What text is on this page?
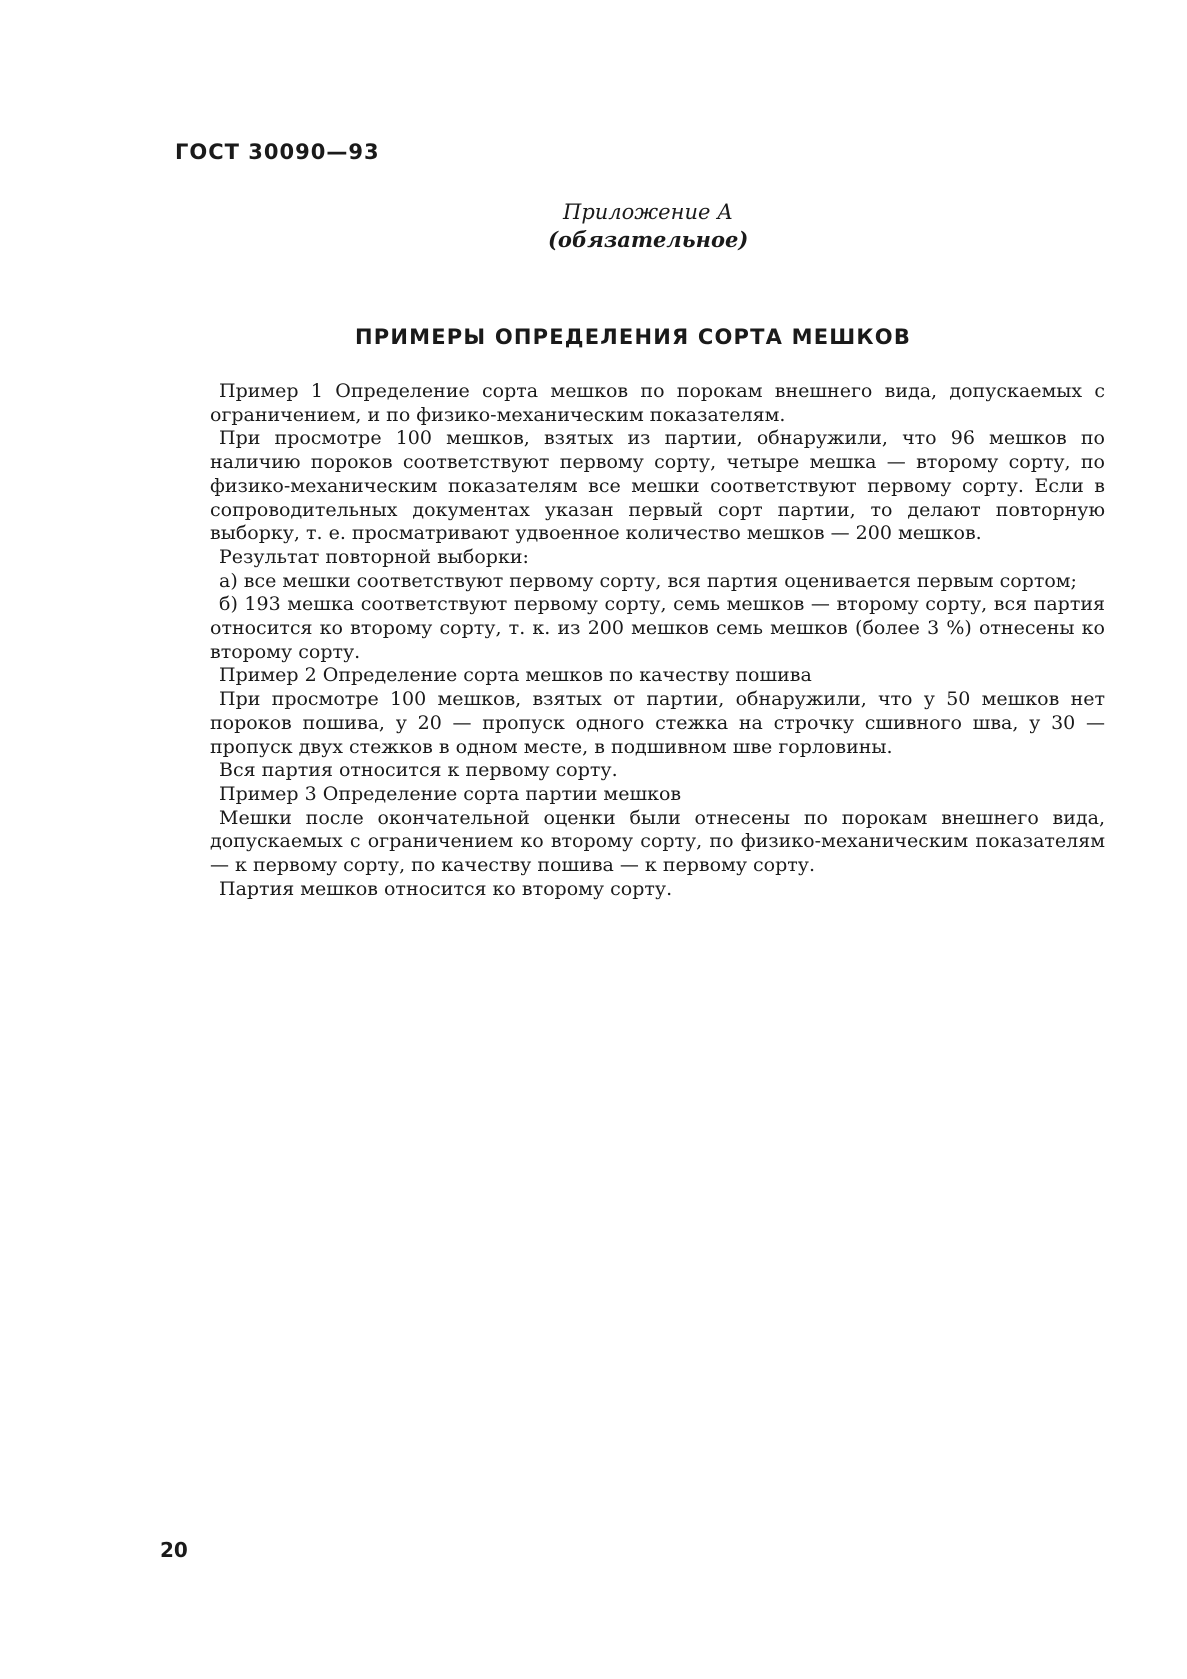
ГОСТ 30090—93
Приложение А
(обязательное)
ПРИМЕРЫ ОПРЕДЕЛЕНИЯ СОРТА МЕШКОВ

Пример 1 Определение сорта мешков по порокам внешнего вида, допускаемых с ограничением, и по физико-механическим показателям.

При просмотре 100 мешков, взятых из партии, обнаружили, что 96 мешков по наличию пороков соответствуют первому сорту, четыре мешка — второму сорту, по физико-механическим показателям все мешки соответствуют первому сорту. Если в сопроводительных документах указан первый сорт партии, то делают повторную выборку, т. е. просматривают удвоенное количество мешков — 200 мешков.

Результат повторной выборки:

а) все мешки соответствуют первому сорту, вся партия оценивается первым сортом;

б) 193 мешка соответствуют первому сорту, семь мешков — второму сорту, вся партия относится ко второму сорту, т. к. из 200 мешков семь мешков (более 3 %) отнесены ко второму сорту.

Пример 2 Определение сорта мешков по качеству пошива

При просмотре 100 мешков, взятых от партии, обнаружили, что у 50 мешков нет пороков пошива, у 20 — пропуск одного стежка на строчку сшивного шва, у 30 — пропуск двух стежков в одном месте, в подшивном шве горловины.

Вся партия относится к первому сорту.

Пример 3 Определение сорта партии мешков

Мешки после окончательной оценки были отнесены по порокам внешнего вида, допускаемых с ограничением ко второму сорту, по физико-механическим показателям — к первому сорту, по качеству пошива — к первому сорту.

Партия мешков относится ко второму сорту.

20
